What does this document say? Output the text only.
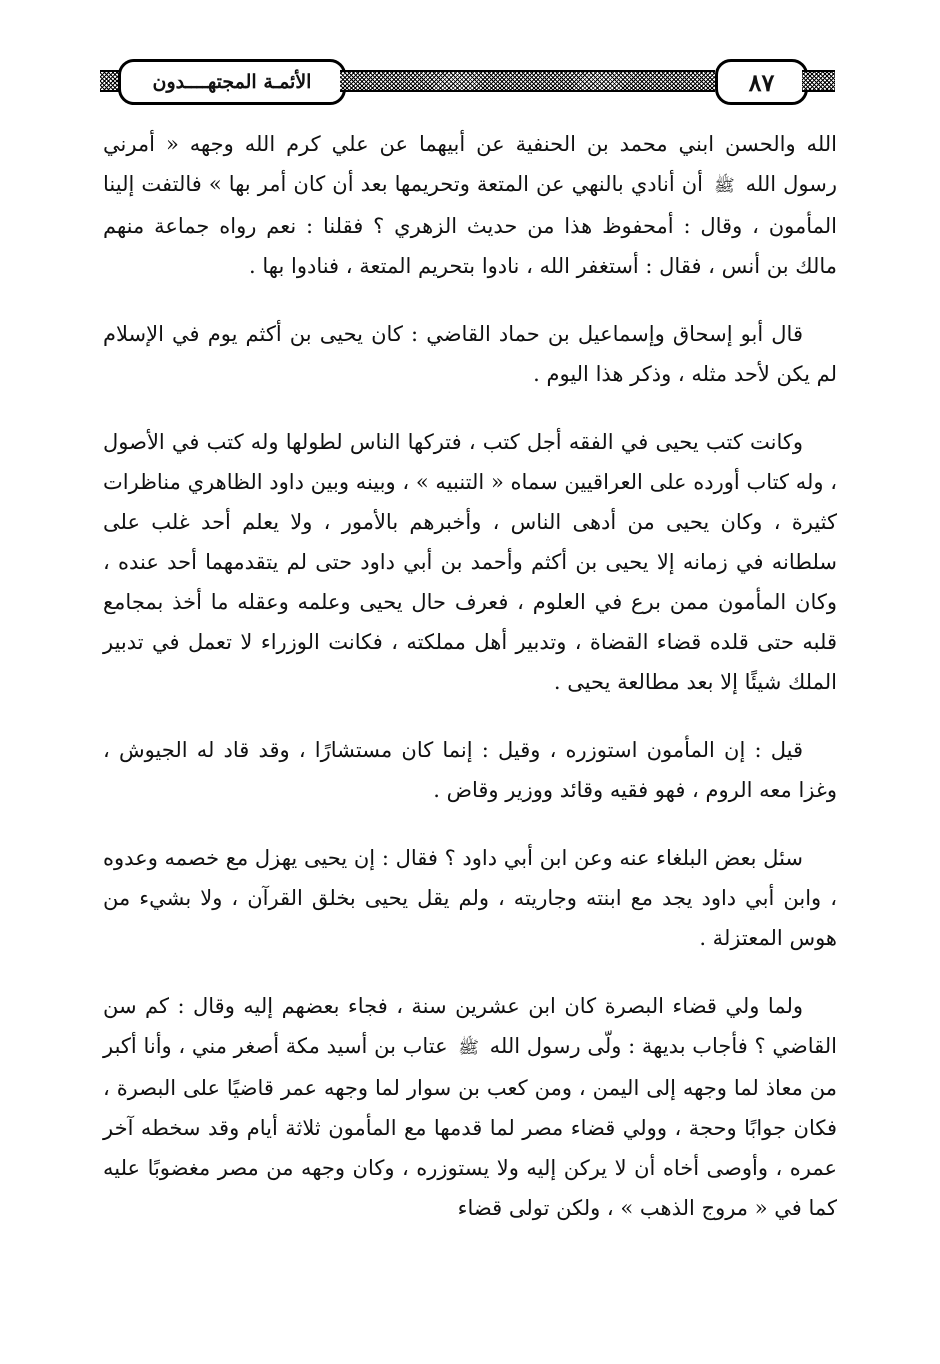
الأئمـة المجتهــــدون	٨٧

الله والحسن ابني محمد بن الحنفية عن أبيهما عن علي كرم الله وجهه « أمرني رسول الله ﷺ أن أنادي بالنهي عن المتعة وتحريمها بعد أن كان أمر بها » فالتفت إلينا المأمون ، وقال : أمحفوظ هذا من حديث الزهري ؟ فقلنا : نعم رواه جماعة منهم مالك بن أنس ، فقال : أستغفر الله ، نادوا بتحريم المتعة ، فنادوا بها .

قال أبو إسحاق وإسماعيل بن حماد القاضي : كان يحيى بن أكثم يوم في الإسلام لم يكن لأحد مثله ، وذكر هذا اليوم .

وكانت كتب يحيى في الفقه أجل كتب ، فتركها الناس لطولها وله كتب في الأصول ، وله كتاب أورده على العراقيين سماه « التنبيه » ، وبينه وبين داود الظاهري مناظرات كثيرة ، وكان يحيى من أدهى الناس ، وأخبرهم بالأمور ، ولا يعلم أحد غلب على سلطانه في زمانه إلا يحيى بن أكثم وأحمد بن أبي داود حتى لم يتقدمهما أحد عنده ، وكان المأمون ممن برع في العلوم ، فعرف حال يحيى وعلمه وعقله ما أخذ بمجامع قلبه حتى قلده قضاء القضاة ، وتدبير أهل مملكته ، فكانت الوزراء لا تعمل في تدبير الملك شيئًا إلا بعد مطالعة يحيى .

قيل : إن المأمون استوزره ، وقيل : إنما كان مستشارًا ، وقد قاد له الجيوش ، وغزا معه الروم ، فهو فقيه وقائد ووزير وقاض .

سئل بعض البلغاء عنه وعن ابن أبي داود ؟ فقال : إن يحيى يهزل مع خصمه وعدوه ، وابن أبي داود يجد مع ابنته وجاريته ، ولم يقل يحيى بخلق القرآن ، ولا بشيء من هوس المعتزلة .

ولما ولي قضاء البصرة كان ابن عشرين سنة ، فجاء بعضهم إليه وقال : كم سن القاضي ؟ فأجاب بديهة : ولّى رسول الله ﷺ عتاب بن أسيد مكة أصغر مني ، وأنا أكبر من معاذ لما وجهه إلى اليمن ، ومن كعب بن سوار لما وجهه عمر قاضيًا على البصرة ، فكان جوابًا وحجة ، وولي قضاء مصر لما قدمها مع المأمون ثلاثة أيام وقد سخطه آخر عمره ، وأوصى أخاه أن لا يركن إليه ولا يستوزره ، وكان وجهه من مصر مغضوبًا عليه كما في « مروج الذهب » ، ولكن تولى قضاء
